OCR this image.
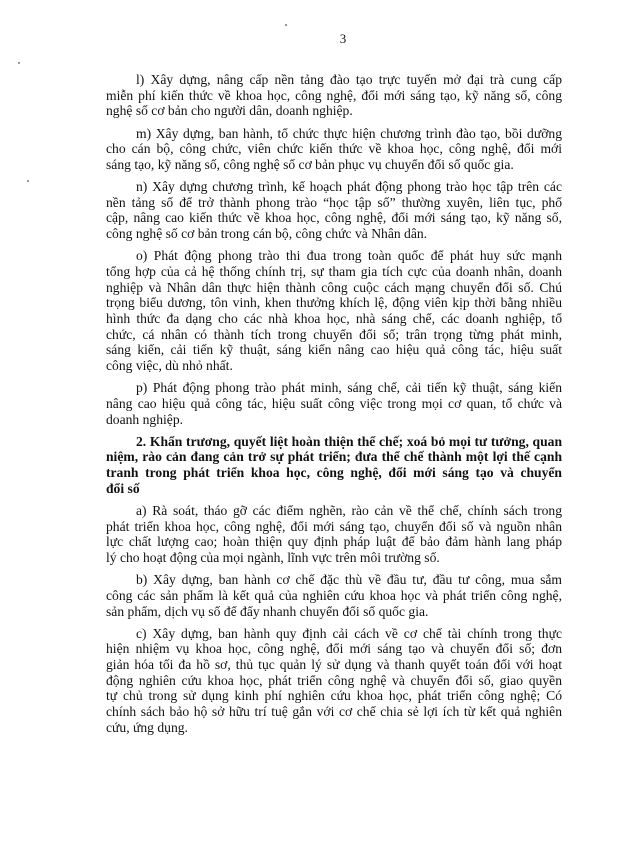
3

l) Xây dựng, nâng cấp nền tảng đào tạo trực tuyến mở đại trà cung cấp
miễn phí kiến thức về khoa học, công nghệ, đổi mới sáng tạo, kỹ năng số, công
nghệ số cơ bản cho người dân, doanh nghiệp.

m) Xây dựng, ban hành, tổ chức thực hiện chương trình đào tạo, bồi dưỡng
cho cán bộ, công chức, viên chức kiến thức về khoa học, công nghệ, đổi mới
sáng tạo, kỹ năng số, công nghệ số cơ bản phục vụ chuyển đổi số quốc gia.

n) Xây dựng chương trình, kế hoạch phát động phong trào học tập trên các
nền tảng số để trở thành phong trào “học tập số” thường xuyên, liên tục, phổ
cập, nâng cao kiến thức về khoa học, công nghệ, đổi mới sáng tạo, kỹ năng số,
công nghệ số cơ bản trong cán bộ, công chức và Nhân dân.

o) Phát động phong trào thi đua trong toàn quốc để phát huy sức mạnh
tổng hợp của cả hệ thống chính trị, sự tham gia tích cực của doanh nhân, doanh
nghiệp và Nhân dân thực hiện thành công cuộc cách mạng chuyển đổi số. Chú
trọng biểu dương, tôn vinh, khen thưởng khích lệ, động viên kịp thời bằng nhiều
hình thức đa dạng cho các nhà khoa học, nhà sáng chế, các doanh nghiệp, tổ
chức, cá nhân có thành tích trong chuyển đổi số; trân trọng từng phát minh,
sáng kiến, cải tiến kỹ thuật, sáng kiến nâng cao hiệu quả công tác, hiệu suất
công việc, dù nhỏ nhất.

p) Phát động phong trào phát minh, sáng chế, cải tiến kỹ thuật, sáng kiến
nâng cao hiệu quả công tác, hiệu suất công việc trong mọi cơ quan, tổ chức và
doanh nghiệp.

2. Khẩn trương, quyết liệt hoàn thiện thể chế; xoá bỏ mọi tư tưởng, quan
niệm, rào cản đang cản trở sự phát triển; đưa thể chế thành một lợi thế cạnh
tranh trong phát triển khoa học, công nghệ, đổi mới sáng tạo và chuyển
đổi số

a) Rà soát, tháo gỡ các điểm nghẽn, rào cản về thể chế, chính sách trong
phát triển khoa học, công nghệ, đổi mới sáng tạo, chuyển đổi số và nguồn nhân
lực chất lượng cao; hoàn thiện quy định pháp luật để bảo đảm hành lang pháp
lý cho hoạt động của mọi ngành, lĩnh vực trên môi trường số.

b) Xây dựng, ban hành cơ chế đặc thù về đầu tư, đầu tư công, mua sắm
công các sản phẩm là kết quả của nghiên cứu khoa học và phát triển công nghệ,
sản phẩm, dịch vụ số để đẩy nhanh chuyển đổi số quốc gia.

c) Xây dựng, ban hành quy định cải cách về cơ chế tài chính trong thực
hiện nhiệm vụ khoa học, công nghệ, đổi mới sáng tạo và chuyển đổi số; đơn
giản hóa tối đa hồ sơ, thủ tục quản lý sử dụng và thanh quyết toán đối với hoạt
động nghiên cứu khoa học, phát triển công nghệ và chuyển đổi số, giao quyền
tự chủ trong sử dụng kinh phí nghiên cứu khoa học, phát triển công nghệ; Có
chính sách bảo hộ sở hữu trí tuệ gắn với cơ chế chia sẻ lợi ích từ kết quả nghiên
cứu, ứng dụng.
